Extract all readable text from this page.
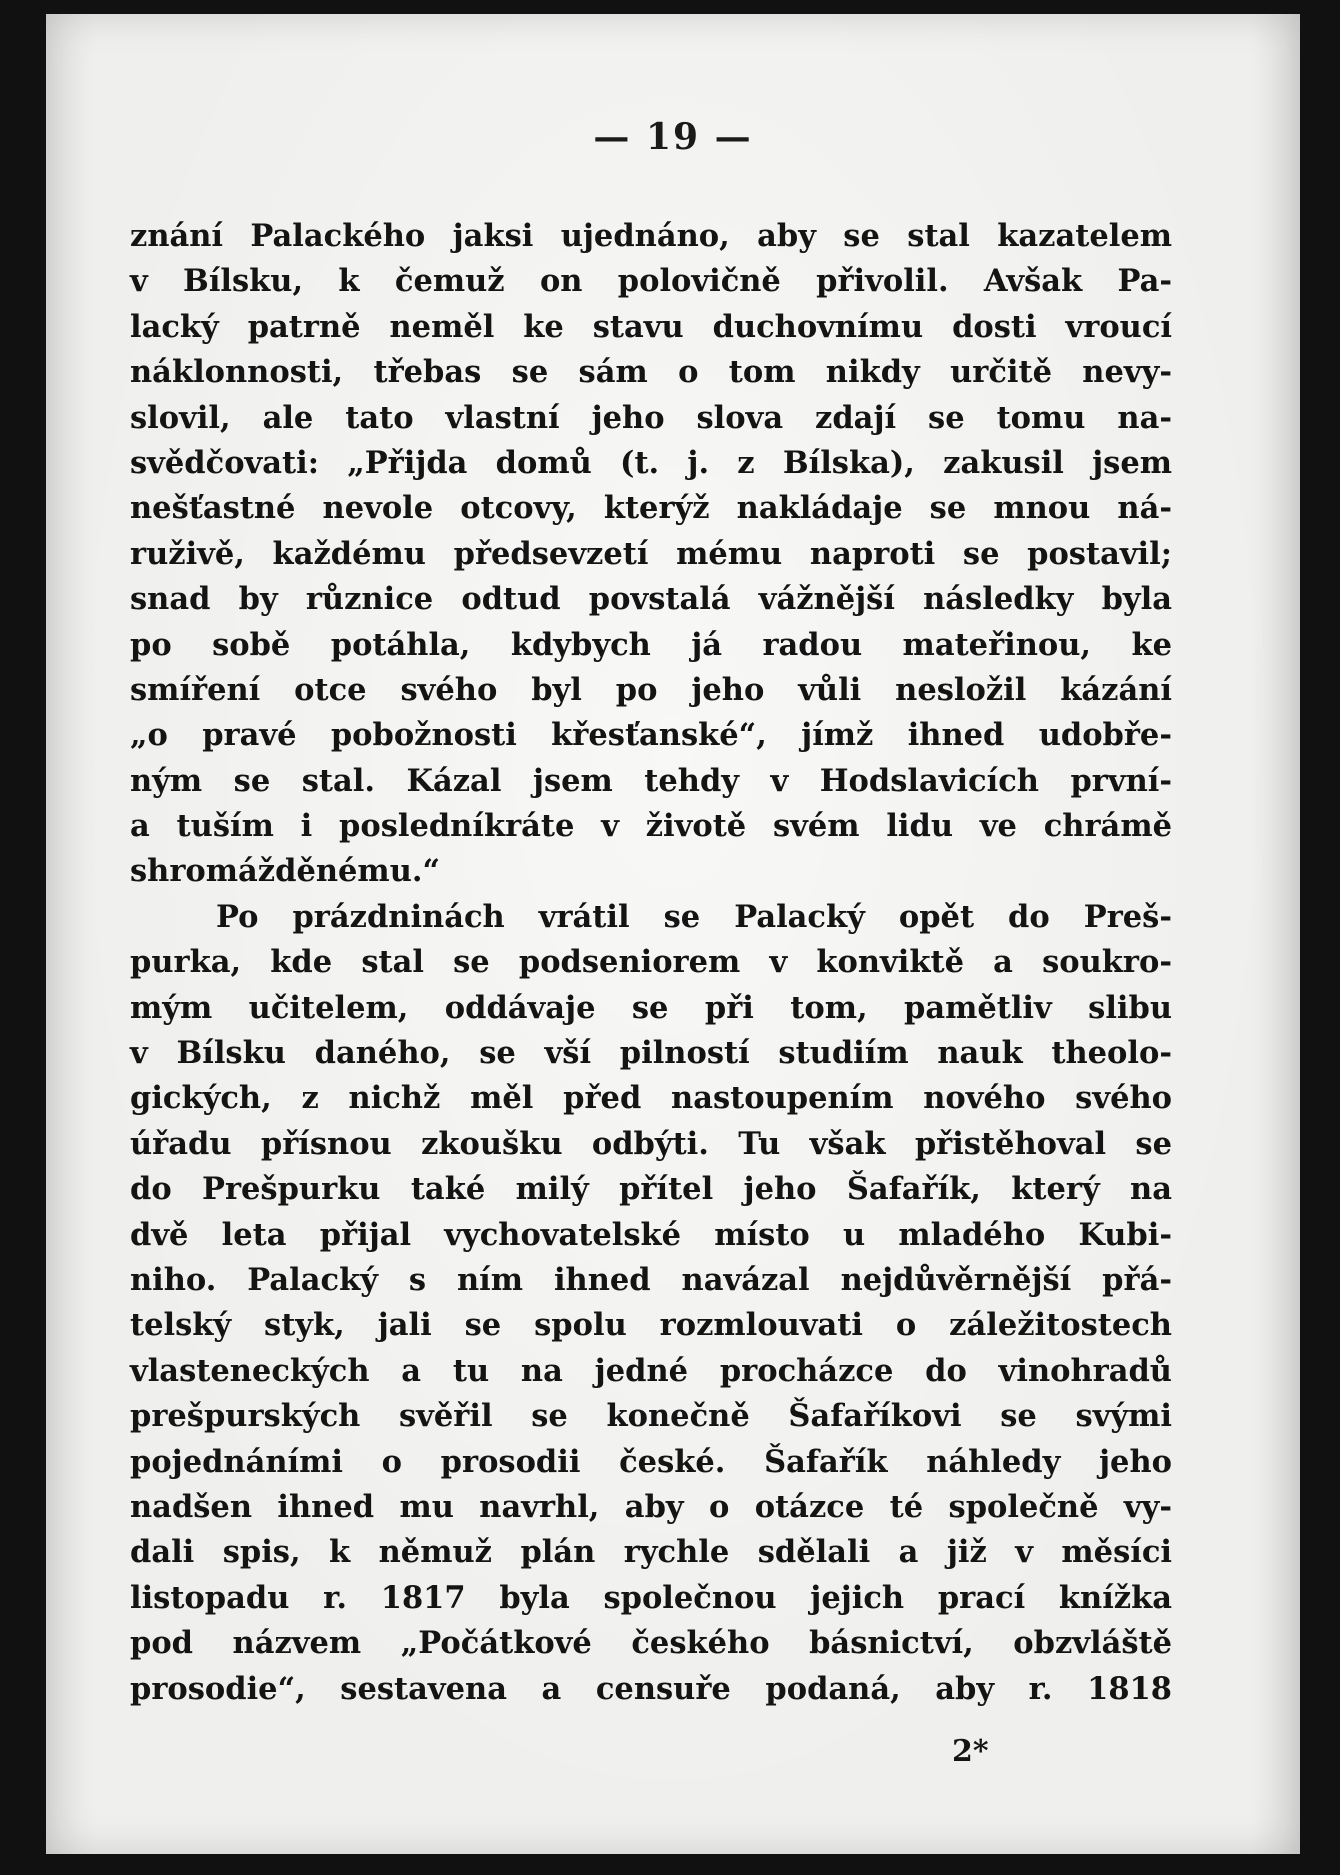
— 19 —
znání Palackého jaksi ujednáno, aby se stal kazatelem
v Bílsku, k čemuž on polovičně přivolil. Avšak Pa-
lacký patrně neměl ke stavu duchovnímu dosti vroucí
náklonnosti, třebas se sám o tom nikdy určitě nevy-
slovil, ale tato vlastní jeho slova zdají se tomu na-
svědčovati: „Přijda domů (t. j. z Bílska), zakusil jsem
nešťastné nevole otcovy, kterýž nakládaje se mnou ná-
ruživě, každému předsevzetí mému naproti se postavil;
snad by různice odtud povstalá vážnější následky byla
po sobě potáhla, kdybych já radou mateřinou, ke
smíření otce svého byl po jeho vůli nesložil kázání
„o pravé pobožnosti křesťanské“, jímž ihned udobře-
ným se stal. Kázal jsem tehdy v Hodslavicích první-
a tuším i posledníkráte v životě svém lidu ve chrámě
shromážděnému.“
Po prázdninách vrátil se Palacký opět do Preš-
purka, kde stal se podseniorem v konviktě a soukro-
mým učitelem, oddávaje se při tom, pamětliv slibu
v Bílsku daného, se vší pilností studiím nauk theolo-
gických, z nichž měl před nastoupením nového svého
úřadu přísnou zkoušku odbýti. Tu však přistěhoval se
do Prešpurku také milý přítel jeho Šafařík, který na
dvě leta přijal vychovatelské místo u mladého Kubi-
niho. Palacký s ním ihned navázal nejdůvěrnější přá-
telský styk, jali se spolu rozmlouvati o záležitostech
vlasteneckých a tu na jedné procházce do vinohradů
prešpurských svěřil se konečně Šafaříkovi se svými
pojednáními o prosodii české. Šafařík náhledy jeho
nadšen ihned mu navrhl, aby o otázce té společně vy-
dali spis, k němuž plán rychle sdělali a již v měsíci
listopadu r. 1817 byla společnou jejich prací knížka
pod názvem „Počátkové českého básnictví, obzvláště
prosodie“, sestavena a censuře podaná, aby r. 1818
2*
